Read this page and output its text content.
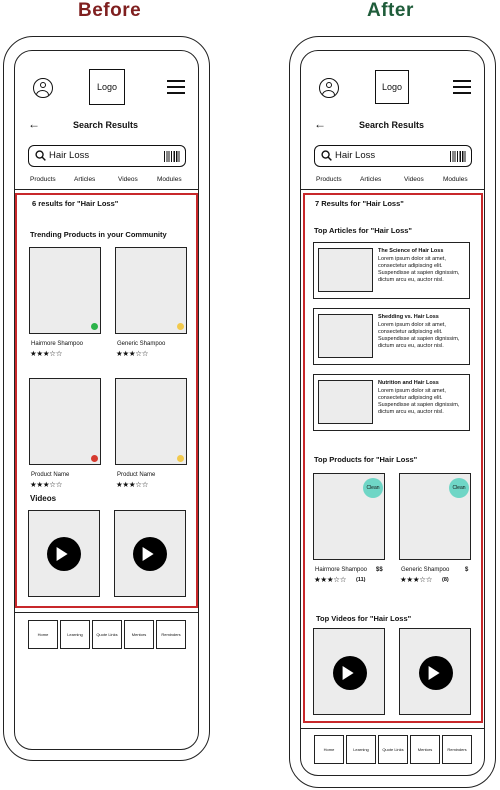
Before	After
Logo
←	Search Results
Hair Loss
Products	Articles	Videos	Modules
6 results for "Hair Loss"
Trending Products in your Community
Hairmore Shampoo
★★★☆☆
Generic Shampoo
★★★☆☆
Product Name
★★★☆☆
Product Name
★★★☆☆
Videos
Home	Learning	Quote Links	Mentors	Reminders
Logo
←	Search Results
Hair Loss
Products	Articles	Videos	Modules
7 Results for "Hair Loss"
Top Articles for "Hair Loss"
The Science of Hair Loss
Lorem ipsum dolor sit amet, consectetur adipiscing elit. Suspendisse at sapien dignissim, dictum arcu eu, auctor nisl.
Shedding vs. Hair Loss
Lorem ipsum dolor sit amet, consectetur adipiscing elit. Suspendisse at sapien dignissim, dictum arcu eu, auctor nisl.
Nutrition and Hair Loss
Lorem ipsum dolor sit amet, consectetur adipiscing elit. Suspendisse at sapien dignissim, dictum arcu eu, auctor nisl.
Top Products for "Hair Loss"
Clean
Hairmore Shampoo $$
★★★☆☆ (11)
Clean
Generic Shampoo	$
★★★☆☆ (8)
Top Videos for "Hair Loss"
Home	Learning	Quote Links	Mentors	Reminders
